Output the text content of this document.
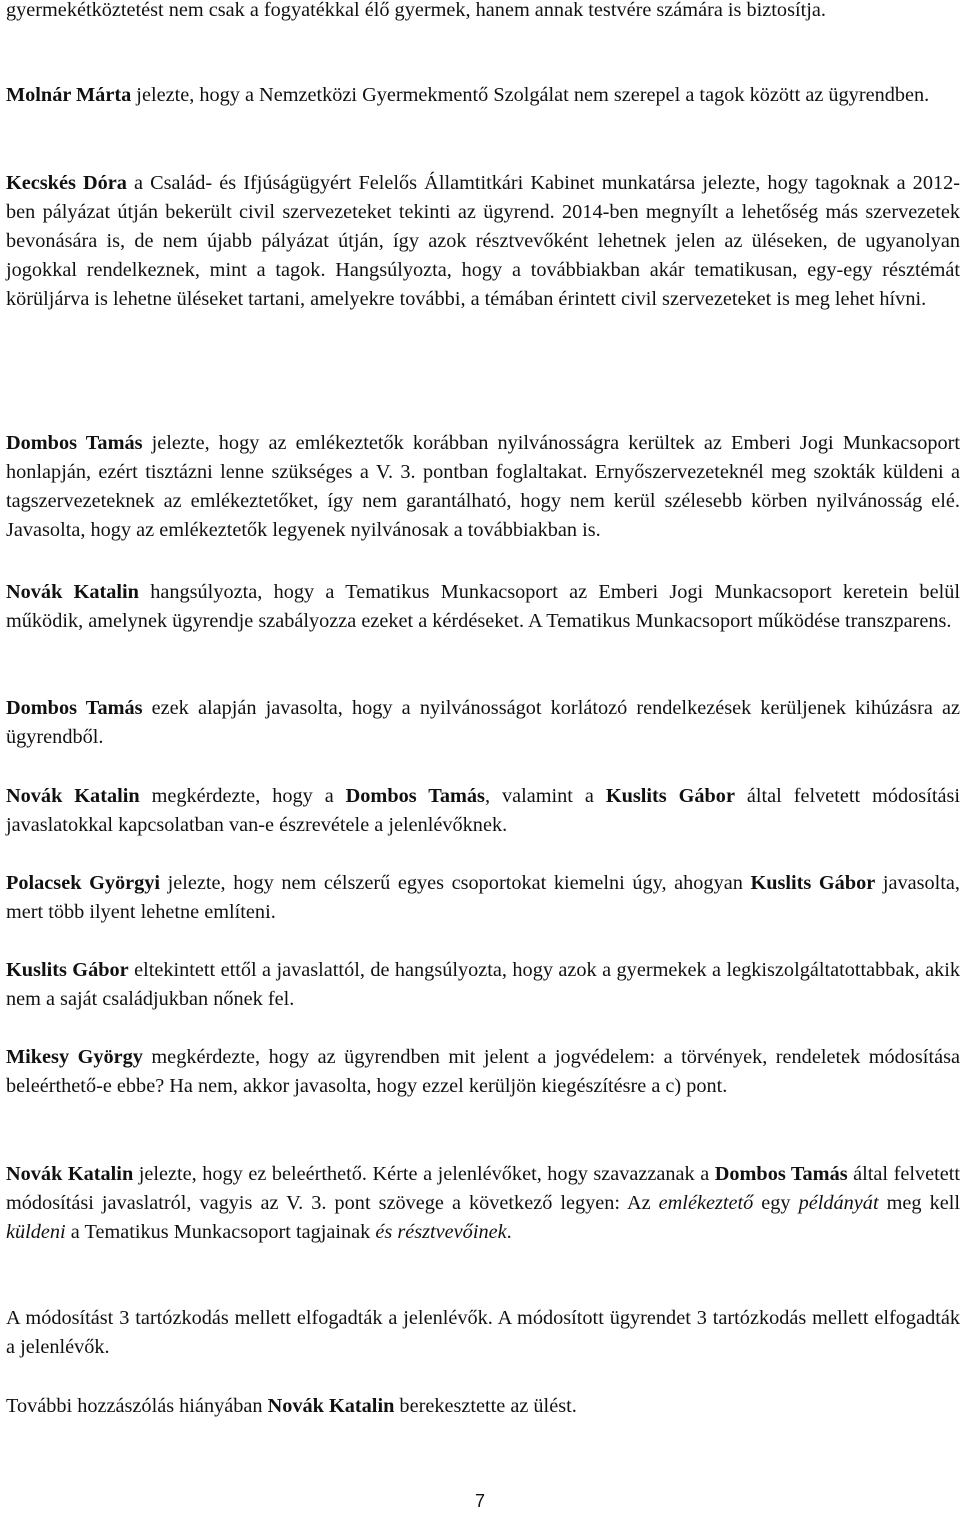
gyermekétköztetést nem csak a fogyatékkal élő gyermek, hanem annak testvére számára is biztosítja.

Molnár Márta jelezte, hogy a Nemzetközi Gyermekmentő Szolgálat nem szerepel a tagok között az ügyrendben.

Kecskés Dóra a Család- és Ifjúságügyért Felelős Államtitkári Kabinet munkatársa jelezte, hogy tagoknak a 2012-ben pályázat útján bekerült civil szervezeteket tekinti az ügyrend. 2014-ben megnyílt a lehetőség más szervezetek bevonására is, de nem újabb pályázat útján, így azok résztvevőként lehetnek jelen az üléseken, de ugyanolyan jogokkal rendelkeznek, mint a tagok. Hangsúlyozta, hogy a továbbiakban akár tematikusan, egy-egy résztémát körüljárva is lehetne üléseket tartani, amelyekre további, a témában érintett civil szervezeteket is meg lehet hívni.

Dombos Tamás jelezte, hogy az emlékeztetők korábban nyilvánosságra kerültek az Emberi Jogi Munkacsoport honlapján, ezért tisztázni lenne szükséges a V. 3. pontban foglaltakat. Ernyőszervezeteknél meg szokták küldeni a tagszervezeteknek az emlékeztetőket, így nem garantálható, hogy nem kerül szélesebb körben nyilvánosság elé. Javasolta, hogy az emlékeztetők legyenek nyilvánosak a továbbiakban is.

Novák Katalin hangsúlyozta, hogy a Tematikus Munkacsoport az Emberi Jogi Munkacsoport keretein belül működik, amelynek ügyrendje szabályozza ezeket a kérdéseket. A Tematikus Munkacsoport működése transzparens.

Dombos Tamás ezek alapján javasolta, hogy a nyilvánosságot korlátozó rendelkezések kerüljenek kihúzásra az ügyrendből.

Novák Katalin megkérdezte, hogy a Dombos Tamás, valamint a Kuslits Gábor által felvetett módosítási javaslatokkal kapcsolatban van-e észrevétele a jelenlévőknek.

Polacsek Györgyi jelezte, hogy nem célszerű egyes csoportokat kiemelni úgy, ahogyan Kuslits Gábor javasolta, mert több ilyent lehetne említeni.

Kuslits Gábor eltekintett ettől a javaslattól, de hangsúlyozta, hogy azok a gyermekek a legkiszolgáltatottabbak, akik nem a saját családjukban nőnek fel.

Mikesy György megkérdezte, hogy az ügyrendben mit jelent a jogvédelem: a törvények, rendeletek módosítása beleérthető-e ebbe? Ha nem, akkor javasolta, hogy ezzel kerüljön kiegészítésre a c) pont.

Novák Katalin jelezte, hogy ez beleérthető. Kérte a jelenlévőket, hogy szavazzanak a Dombos Tamás által felvetett módosítási javaslatról, vagyis az V. 3. pont szövege a következő legyen: Az emlékeztető egy példányát meg kell küldeni a Tematikus Munkacsoport tagjainak és résztvevőinek.

A módosítást 3 tartózkodás mellett elfogadták a jelenlévők. A módosított ügyrendet 3 tartózkodás mellett elfogadták a jelenlévők.

További hozzászólás hiányában Novák Katalin berekesztette az ülést.

7
